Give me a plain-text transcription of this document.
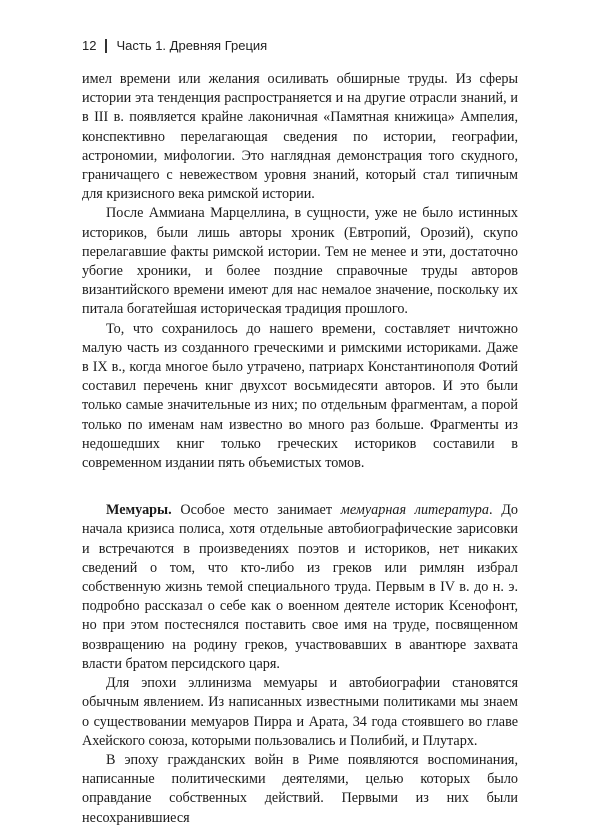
12 Часть 1. Древняя Греция

имел времени или желания осиливать обширные труды. Из сферы истории эта тенденция распространяется и на другие отрасли знаний, и в III в. появляется крайне лаконичная «Памятная книжица» Ампелия, конспективно перелагающая сведения по истории, географии, астрономии, мифологии. Это наглядная демонстрация того скудного, граничащего с невежеством уровня знаний, который стал типичным для кризисного века римской истории.

После Аммиана Марцеллина, в сущности, уже не было истинных историков, были лишь авторы хроник (Евтропий, Орозий), скупо перелагавшие факты римской истории. Тем не менее и эти, достаточно убогие хроники, и более поздние справочные труды авторов византийского времени имеют для нас немалое значение, поскольку их питала богатейшая историческая традиция прошлого.

То, что сохранилось до нашего времени, составляет ничтожно малую часть из созданного греческими и римскими историками. Даже в IX в., когда многое было утрачено, патриарх Константинополя Фотий составил перечень книг двухсот восьмидесяти авторов. И это были только самые значительные из них; по отдельным фрагментам, а порой только по именам нам известно во много раз больше. Фрагменты из недошедших книг только греческих историков составили в современном издании пять объемистых томов.

Мемуары. Особое место занимает мемуарная литература. До начала кризиса полиса, хотя отдельные автобиографические зарисовки и встречаются в произведениях поэтов и историков, нет никаких сведений о том, что кто-либо из греков или римлян избрал собственную жизнь темой специального труда. Первым в IV в. до н. э. подробно рассказал о себе как о военном деятеле историк Ксенофонт, но при этом постеснялся поставить свое имя на труде, посвященном возвращению на родину греков, участвовавших в авантюре захвата власти братом персидского царя.

Для эпохи эллинизма мемуары и автобиографии становятся обычным явлением. Из написанных известными политиками мы знаем о существовании мемуаров Пирра и Арата, 34 года стоявшего во главе Ахейского союза, которыми пользовались и Полибий, и Плутарх.

В эпоху гражданских войн в Риме появляются воспоминания, написанные политическими деятелями, целью которых было оправдание собственных действий. Первыми из них были несохранившиеся
